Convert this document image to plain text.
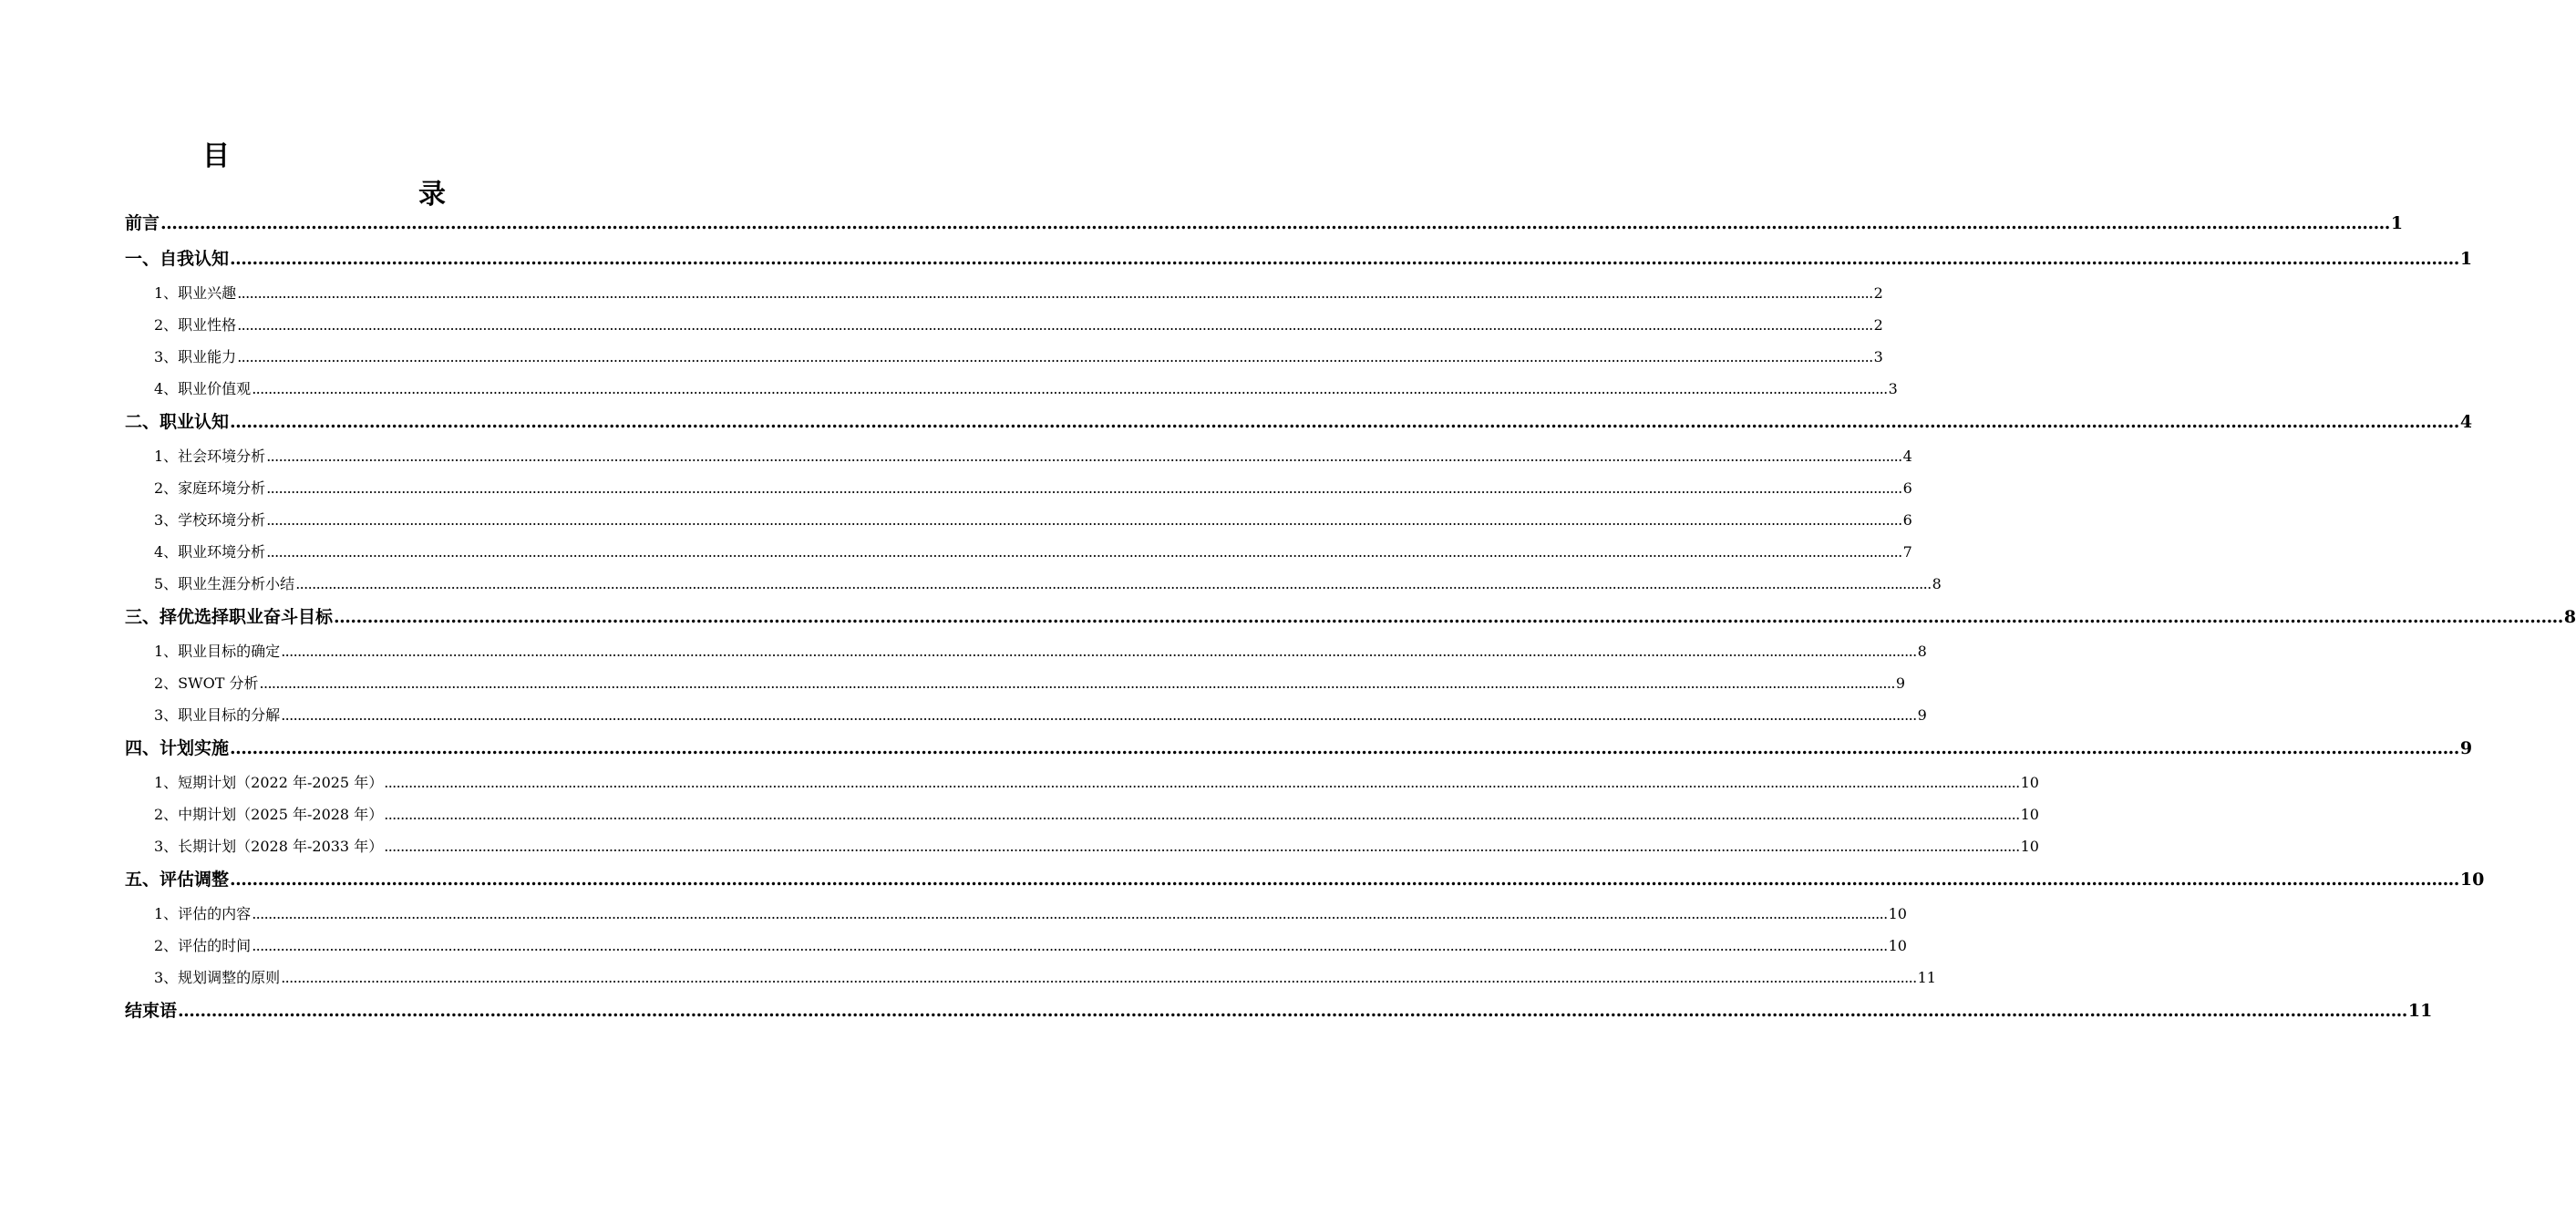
目
录
前言 ................................................................................................................................................................................................................................................................................................................................................................................................................ 1
一、自我认知 ................................................................................................................................................................................................................................................................................................................................................................................................................ 1
1、职业兴趣 ................................................................................................................................................................................................................................................................................................................................................................................................................ 2
2、职业性格 ................................................................................................................................................................................................................................................................................................................................................................................................................ 2
3、职业能力 ................................................................................................................................................................................................................................................................................................................................................................................................................ 3
4、职业价值观 ................................................................................................................................................................................................................................................................................................................................................................................................................ 3
二、职业认知 ................................................................................................................................................................................................................................................................................................................................................................................................................ 4
1、社会环境分析 ................................................................................................................................................................................................................................................................................................................................................................................................................ 4
2、家庭环境分析 ................................................................................................................................................................................................................................................................................................................................................................................................................ 6
3、学校环境分析 ................................................................................................................................................................................................................................................................................................................................................................................................................ 6
4、职业环境分析 ................................................................................................................................................................................................................................................................................................................................................................................................................ 7
5、职业生涯分析小结 ................................................................................................................................................................................................................................................................................................................................................................................................................ 8
三、择优选择职业奋斗目标 ................................................................................................................................................................................................................................................................................................................................................................................................................ 8
1、职业目标的确定 ................................................................................................................................................................................................................................................................................................................................................................................................................ 8
2、SWOT 分析 ................................................................................................................................................................................................................................................................................................................................................................................................................ 9
3、职业目标的分解 ................................................................................................................................................................................................................................................................................................................................................................................................................ 9
四、计划实施 ................................................................................................................................................................................................................................................................................................................................................................................................................ 9
1、短期计划（2022 年-2025 年） ................................................................................................................................................................................................................................................................................................................................................................................................................ 10
2、中期计划（2025 年-2028 年） ................................................................................................................................................................................................................................................................................................................................................................................................................ 10
3、长期计划（2028 年-2033 年） ................................................................................................................................................................................................................................................................................................................................................................................................................ 10
五、评估调整 ................................................................................................................................................................................................................................................................................................................................................................................................................ 10
1、评估的内容 ................................................................................................................................................................................................................................................................................................................................................................................................................ 10
2、评估的时间 ................................................................................................................................................................................................................................................................................................................................................................................................................ 10
3、规划调整的原则 ................................................................................................................................................................................................................................................................................................................................................................................................................ 11
结束语 ................................................................................................................................................................................................................................................................................................................................................................................................................ 11
